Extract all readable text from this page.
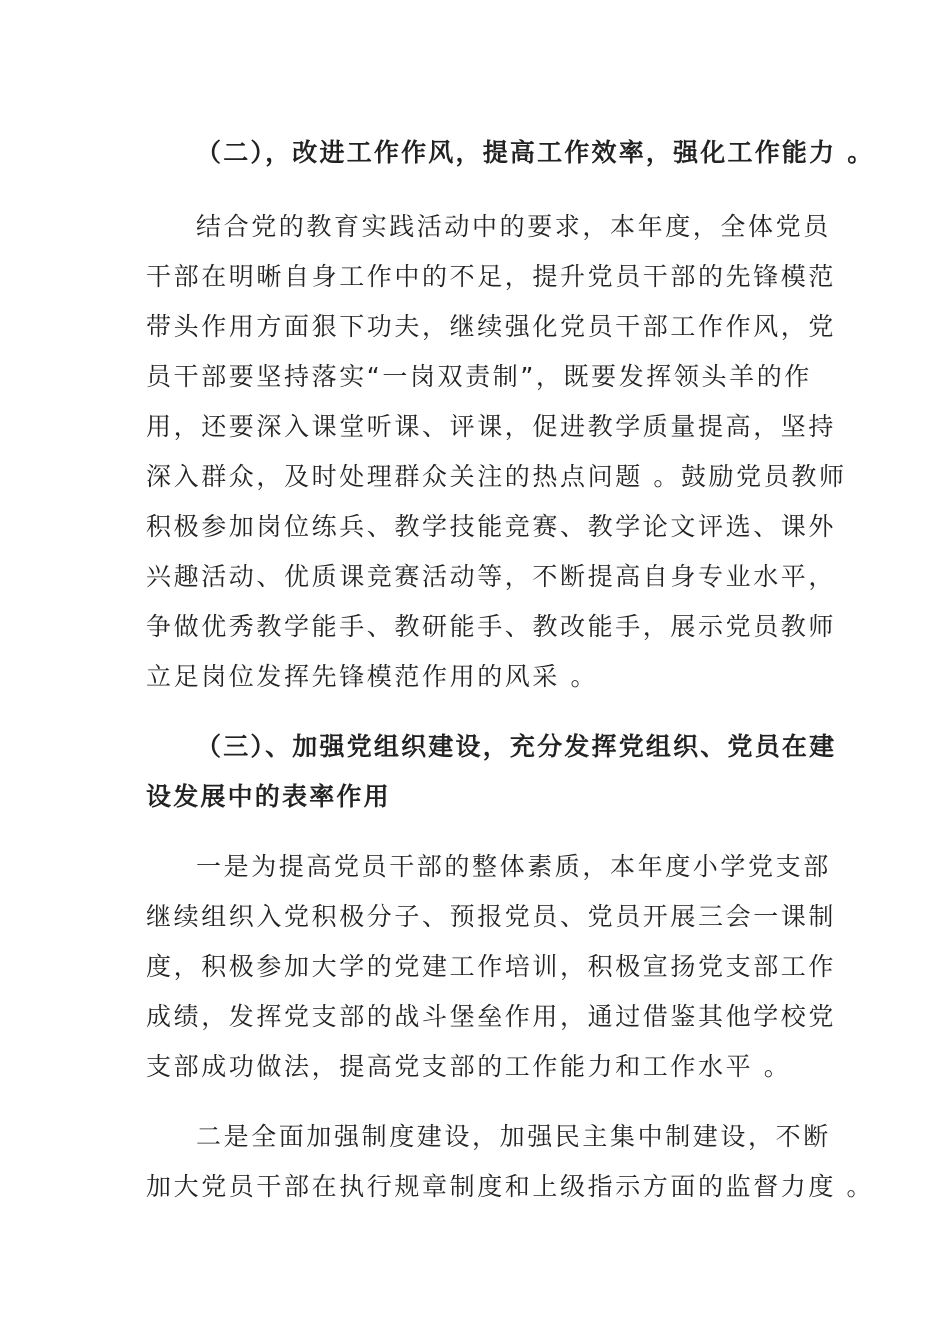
（二），改进工作作风，提高工作效率，强化工作能力 。
结合党的教育实践活动中的要求，本年度，全体党员
干部在明晰自身工作中的不足，提升党员干部的先锋模范
带头作用方面狠下功夫，继续强化党员干部工作作风，党
员干部要坚持落实“一岗双责制”，既要发挥领头羊的作
用，还要深入课堂听课、评课，促进教学质量提高，坚持
深入群众，及时处理群众关注的热点问题 。鼓励党员教师
积极参加岗位练兵、教学技能竞赛、教学论文评选、课外
兴趣活动、优质课竞赛活动等，不断提高自身专业水平，
争做优秀教学能手、教研能手、教改能手，展示党员教师
立足岗位发挥先锋模范作用的风采 。
（三）、加强党组织建设，充分发挥党组织、党员在建
设发展中的表率作用
一是为提高党员干部的整体素质，本年度小学党支部
继续组织入党积极分子、预报党员、党员开展三会一课制
度，积极参加大学的党建工作培训，积极宣扬党支部工作
成绩，发挥党支部的战斗堡垒作用，通过借鉴其他学校党
支部成功做法，提高党支部的工作能力和工作水平 。
二是全面加强制度建设，加强民主集中制建设，不断
加大党员干部在执行规章制度和上级指示方面的监督力度 。
